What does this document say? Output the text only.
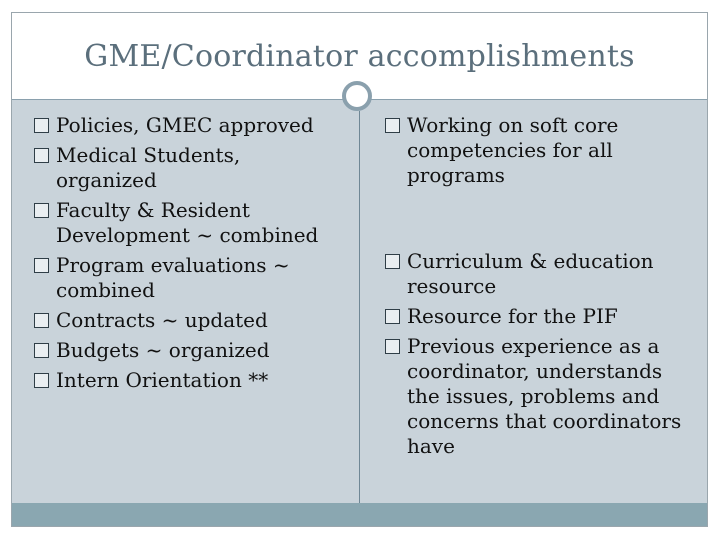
GME/Coordinator accomplishments
Policies, GMEC approved
Medical Students, organized
Faculty & Resident Development ~ combined
Program evaluations ~ combined
Contracts ~ updated
Budgets ~ organized
Intern Orientation **
Working on soft core competencies for all programs
Curriculum & education resource
Resource for the PIF
Previous experience as a coordinator, understands the issues, problems and concerns that coordinators have
